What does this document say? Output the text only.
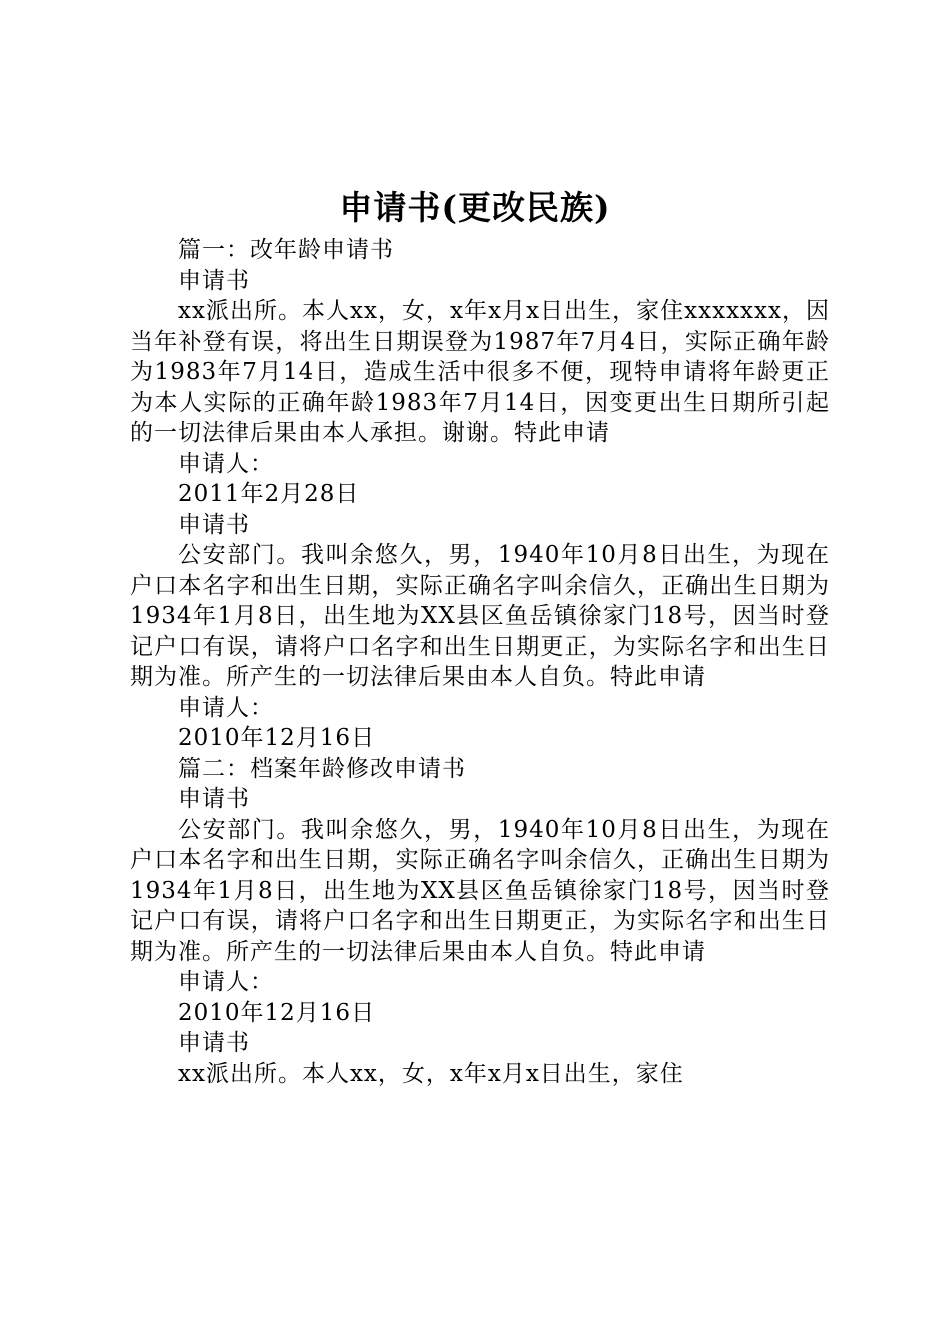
申请书(更改民族)

篇一：改年龄申请书

申请书

xx派出所。本人xx，女，x年x月x日出生，家住xxxxxxx，因当年补登有误，将出生日期误登为1987年7月4日，实际正确年龄为1983年7月14日，造成生活中很多不便，现特申请将年龄更正为本人实际的正确年龄1983年7月14日，因变更出生日期所引起的一切法律后果由本人承担。谢谢。特此申请

申请人：

2011年2月28日

申请书

公安部门。我叫余悠久，男，1940年10月8日出生，为现在户口本名字和出生日期，实际正确名字叫余信久，正确出生日期为1934年1月8日，出生地为XX县区鱼岳镇徐家门18号，因当时登记户口有误，请将户口名字和出生日期更正，为实际名字和出生日期为准。所产生的一切法律后果由本人自负。特此申请

申请人：

2010年12月16日

篇二：档案年龄修改申请书

申请书

公安部门。我叫余悠久，男，1940年10月8日出生，为现在户口本名字和出生日期，实际正确名字叫余信久，正确出生日期为1934年1月8日，出生地为XX县区鱼岳镇徐家门18号，因当时登记户口有误，请将户口名字和出生日期更正，为实际名字和出生日期为准。所产生的一切法律后果由本人自负。特此申请

申请人：

2010年12月16日

申请书

xx派出所。本人xx，女，x年x月x日出生，家住
